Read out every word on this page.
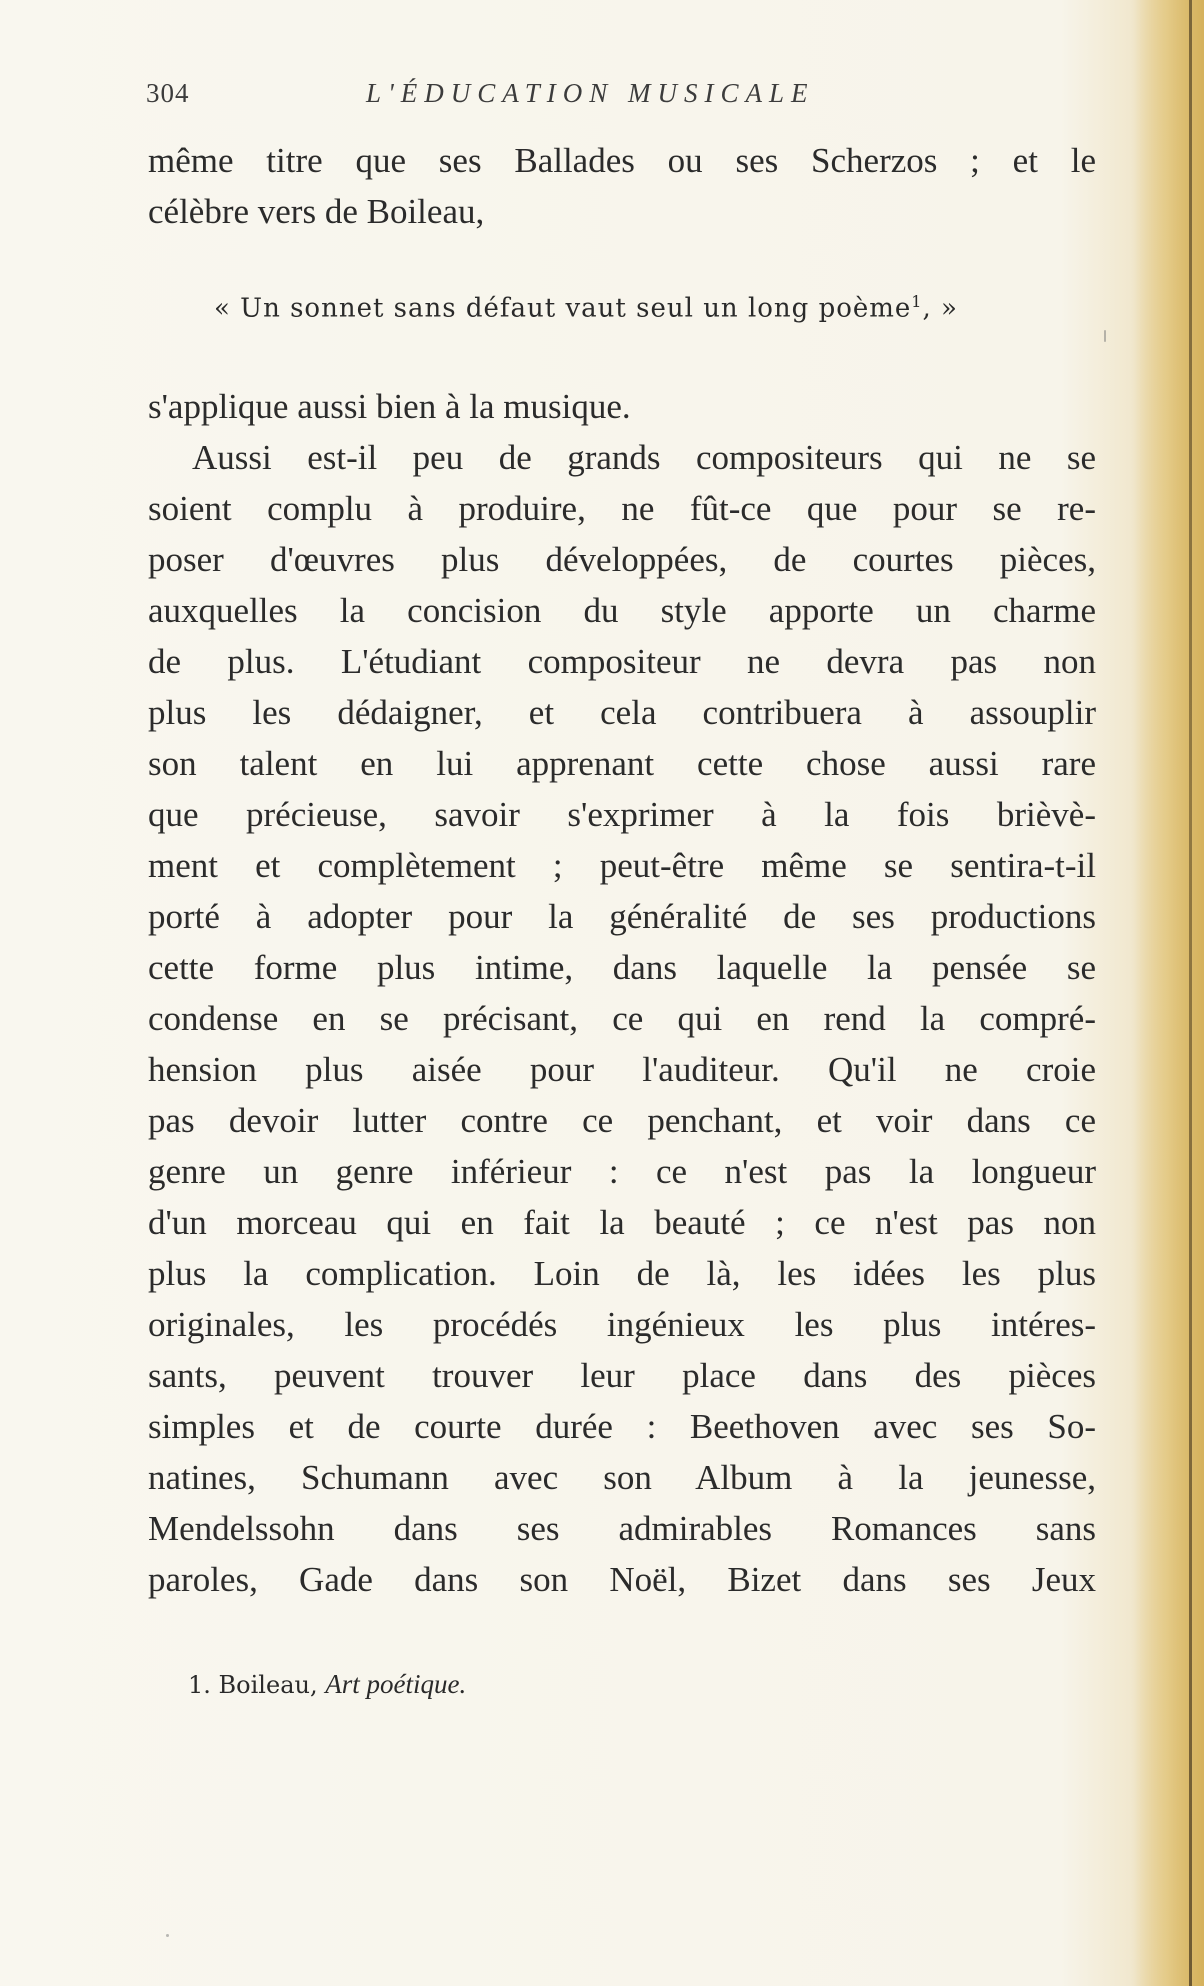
304	L'ÉDUCATION MUSICALE
même titre que ses Ballades ou ses Scherzos ; et le
célèbre vers de Boileau,
« Un sonnet sans défaut vaut seul un long poème$^1$, »
s'applique aussi bien à la musique.
Aussi est-il peu de grands compositeurs qui ne se
soient complu à produire, ne fût-ce que pour se re-
poser d'œuvres plus développées, de courtes pièces,
auxquelles la concision du style apporte un charme
de plus. L'étudiant compositeur ne devra pas non
plus les dédaigner, et cela contribuera à assouplir
son talent en lui apprenant cette chose aussi rare
que précieuse, savoir s'exprimer à la fois brièvè-
ment et complètement ; peut-être même se sentira-t-il
porté à adopter pour la généralité de ses productions
cette forme plus intime, dans laquelle la pensée se
condense en se précisant, ce qui en rend la compré-
hension plus aisée pour l'auditeur. Qu'il ne croie
pas devoir lutter contre ce penchant, et voir dans ce
genre un genre inférieur : ce n'est pas la longueur
d'un morceau qui en fait la beauté ; ce n'est pas non
plus la complication. Loin de là, les idées les plus
originales, les procédés ingénieux les plus intéres-
sants, peuvent trouver leur place dans des pièces
simples et de courte durée : Beethoven avec ses So-
natines, Schumann avec son Album à la jeunesse,
Mendelssohn dans ses admirables Romances sans
paroles, Gade dans son Noël, Bizet dans ses Jeux
1. Boileau, Art poétique.
